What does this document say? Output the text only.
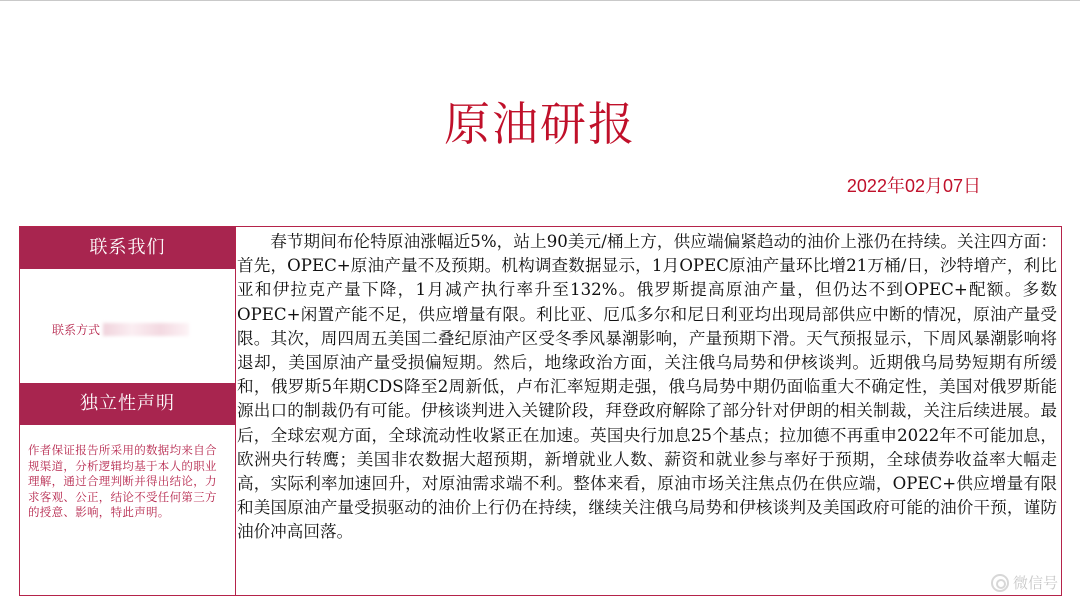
原油研报
2022年02月07日
联系我们
联系方式
独立性声明
作者保证报告所采用的数据均来自合规渠道，分析逻辑均基于本人的职业理解，通过合理判断并得出结论，力求客观、公正，结论不受任何第三方的授意、影响，特此声明。
春节期间布伦特原油涨幅近5%，站上90美元/桶上方，供应端偏紧趋动的油价上涨仍在持续。关注四方面：首先，OPEC+原油产量不及预期。机构调查数据显示，1月OPEC原油产量环比增21万桶/日，沙特增产，利比亚和伊拉克产量下降，1月减产执行率升至132%。俄罗斯提高原油产量，但仍达不到OPEC+配额。多数OPEC+闲置产能不足，供应增量有限。利比亚、厄瓜多尔和尼日利亚均出现局部供应中断的情况，原油产量受限。其次，周四周五美国二叠纪原油产区受冬季风暴潮影响，产量预期下滑。天气预报显示，下周风暴潮影响将退却，美国原油产量受损偏短期。然后，地缘政治方面，关注俄乌局势和伊核谈判。近期俄乌局势短期有所缓和，俄罗斯5年期CDS降至2周新低，卢布汇率短期走强，俄乌局势中期仍面临重大不确定性，美国对俄罗斯能源出口的制裁仍有可能。伊核谈判进入关键阶段，拜登政府解除了部分针对伊朗的相关制裁，关注后续进展。最后，全球宏观方面，全球流动性收紧正在加速。英国央行加息25个基点；拉加德不再重申2022年不可能加息，欧洲央行转鹰；美国非农数据大超预期，新增就业人数、薪资和就业参与率好于预期，全球债券收益率大幅走高，实际利率加速回升，对原油需求端不利。整体来看，原油市场关注焦点仍在供应端，OPEC+供应增量有限和美国原油产量受损驱动的油价上行仍在持续，继续关注俄乌局势和伊核谈判及美国政府可能的油价干预，谨防油价冲高回落。
微信号
